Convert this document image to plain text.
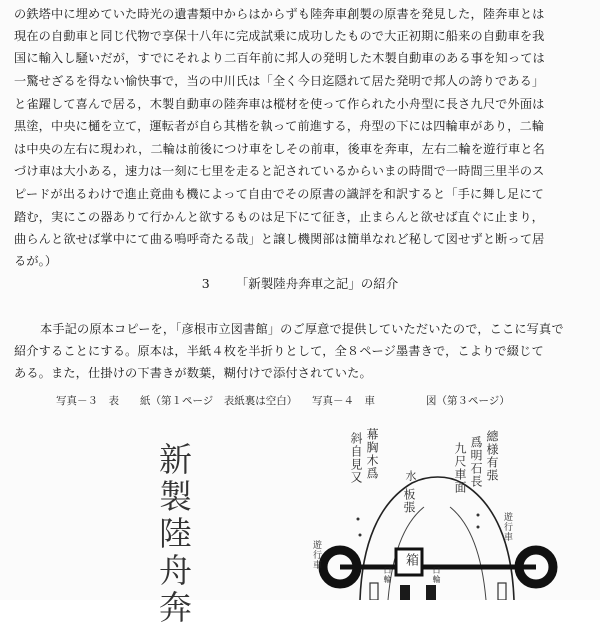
の鉄塔中に埋めていた時光の遺書類中からはからずも陸奔車創製の原書を発見した，陸奔車とは
現在の自動車と同じ代物で享保十八年に完成試乗に成功したもので大正初期に船来の自動車を我
国に輸入し騒いだが，すでにそれより二百年前に邦人の発明した木製自動車のある事を知っては
一驚せざるを得ない愉快事で，当の中川氏は「全く今日迄隠れて居た発明で邦人の誇りである」
と雀躍して喜んで居る，木製自動車の陸奔車は樅材を使って作られた小舟型に長さ九尺で外面は
黒塗，中央に樋を立て，運転者が自ら其楷を執って前進する，舟型の下には四輪車があり，二輪
は中央の左右に現われ，二輪は前後につけ車をしその前車，後車を奔車，左右二輪を遊行車と名
づけ車は大小ある，速力は一刻に七里を走ると記されているからいまの時間で一時間三里半のス
ピードが出るわけで進止竟曲も機によって自由でその原書の識評を和訳すると「手に舞し足にて
踏む，実にこの器ありて行かんと欲するものは足下にて征き，止まらんと欲せば直ぐに止まり，
曲らんと欲せば掌中にて曲る嗚呼奇たる哉」と譲し機関部は簡単なれど秘して図せずと断って居
るが。）
3 「新製陸舟奔車之記」の紹介
本手記の原本コピーを，「彦根市立図書館」のご厚意で提供していただいたので，ここに写真で
紹介することにする。原本は，半紙４枚を半折りとして，全８ページ墨書きで，こよりで綴じて
ある。また，仕掛けの下書きが数葉，糊付けで添付されていた。
写真－３　表　　紙（第１ページ　表紙裏は空白） 写真－４　車	図（第３ページ）
新製陸舟奔	幕胸木爲
斜自見又	總様有張
爲明石長
九尺車面
板張
箱
水
遊行車
遊行車
口輪	口輪
